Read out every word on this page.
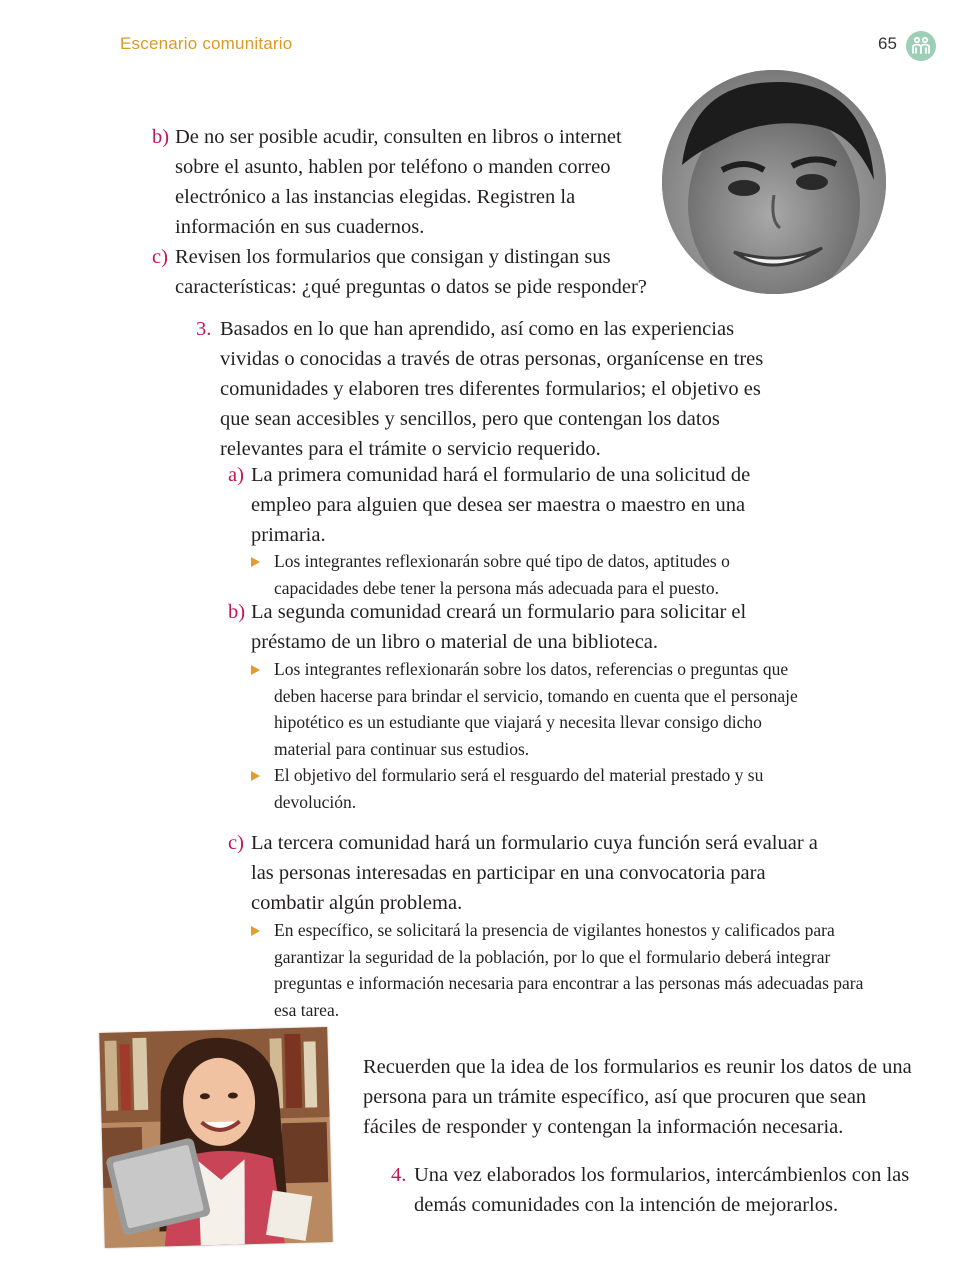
Escenario comunitario	65
b) De no ser posible acudir, consulten en libros o internet sobre el asunto, hablen por teléfono o manden correo electrónico a las instancias elegidas. Registren la información en sus cuadernos.

c) Revisen los formularios que consigan y distingan sus características: ¿qué preguntas o datos se pide responder?

3. Basados en lo que han aprendido, así como en las experiencias vividas o conocidas a través de otras personas, organícense en tres comunidades y elaboren tres diferentes formularios; el objetivo es que sean accesibles y sencillos, pero que contengan los datos relevantes para el trámite o servicio requerido.

a) La primera comunidad hará el formulario de una solicitud de empleo para alguien que desea ser maestra o maestro en una primaria.

Los integrantes reflexionarán sobre qué tipo de datos, aptitudes o capacidades debe tener la persona más adecuada para el puesto.

b) La segunda comunidad creará un formulario para solicitar el préstamo de un libro o material de una biblioteca.

Los integrantes reflexionarán sobre los datos, referencias o preguntas que deben hacerse para brindar el servicio, tomando en cuenta que el personaje hipotético es un estudiante que viajará y necesita llevar consigo dicho material para continuar sus estudios.

El objetivo del formulario será el resguardo del material prestado y su devolución.

c) La tercera comunidad hará un formulario cuya función será evaluar a las personas interesadas en participar en una convocatoria para combatir algún problema.

En específico, se solicitará la presencia de vigilantes honestos y calificados para garantizar la seguridad de la población, por lo que el formulario deberá integrar preguntas e información necesaria para encontrar a las personas más adecuadas para esa tarea.

Recuerden que la idea de los formularios es reunir los datos de una persona para un trámite específico, así que procuren que sean fáciles de responder y contengan la información necesaria.

4. Una vez elaborados los formularios, intercámbienlos con las demás comunidades con la intención de mejorarlos.
